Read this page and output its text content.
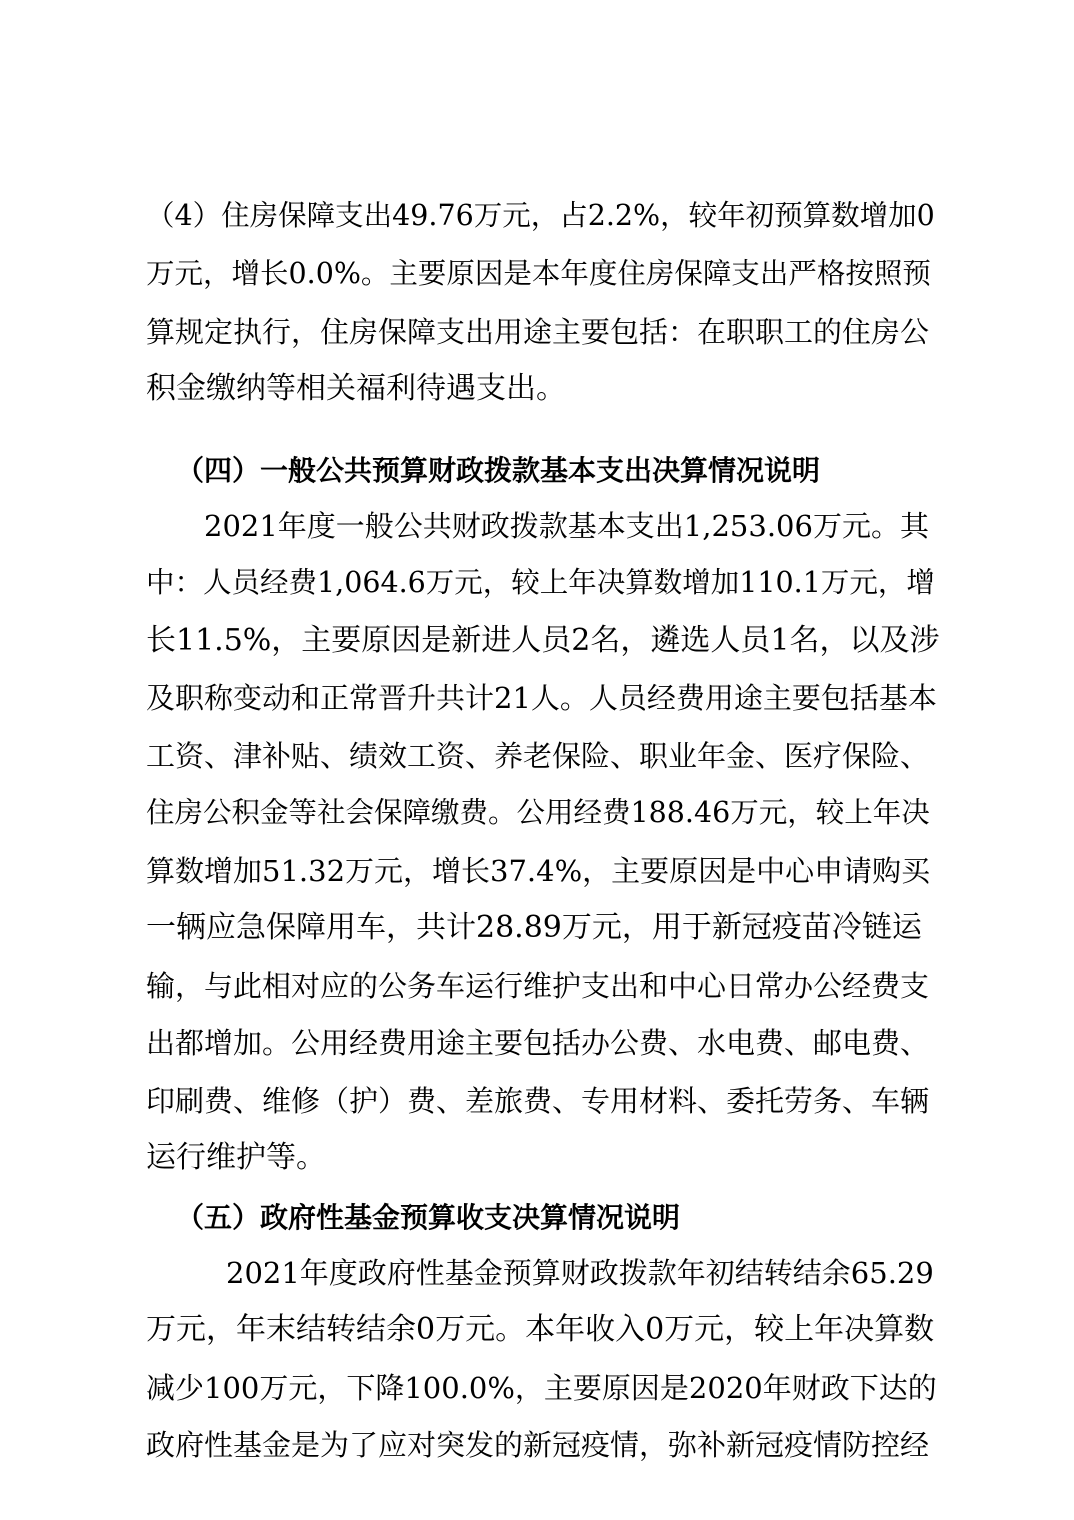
（4）住房保障支出49.76万元，占2.2%，较年初预算数增加0
万元，增长0.0%。主要原因是本年度住房保障支出严格按照预
算规定执行，住房保障支出用途主要包括：在职职工的住房公
积金缴纳等相关福利待遇支出。
（四）一般公共预算财政拨款基本支出决算情况说明
2021年度一般公共财政拨款基本支出1,253.06万元。其
中：人员经费1,064.6万元，较上年决算数增加110.1万元，增
长11.5%，主要原因是新进人员2名，遴选人员1名，以及涉
及职称变动和正常晋升共计21人。人员经费用途主要包括基本
工资、津补贴、绩效工资、养老保险、职业年金、医疗保险、
住房公积金等社会保障缴费。公用经费188.46万元，较上年决
算数增加51.32万元，增长37.4%，主要原因是中心申请购买
一辆应急保障用车，共计28.89万元，用于新冠疫苗冷链运
输，与此相对应的公务车运行维护支出和中心日常办公经费支
出都增加。公用经费用途主要包括办公费、水电费、邮电费、
印刷费、维修（护）费、差旅费、专用材料、委托劳务、车辆
运行维护等。
（五）政府性基金预算收支决算情况说明
2021年度政府性基金预算财政拨款年初结转结余65.29
万元，年末结转结余0万元。本年收入0万元，较上年决算数
减少100万元，下降100.0%，主要原因是2020年财政下达的
政府性基金是为了应对突发的新冠疫情，弥补新冠疫情防控经
